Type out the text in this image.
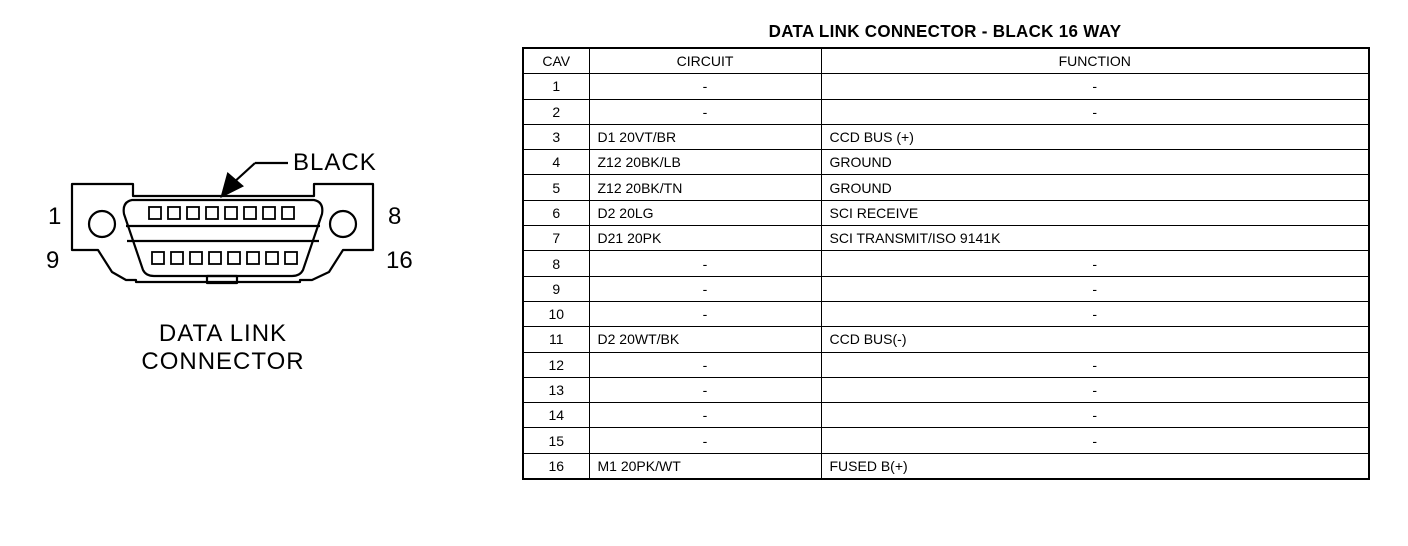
BLACK
1	8
9	16
DATA LINK
CONNECTOR
DATA LINK CONNECTOR - BLACK 16 WAY
CAV	CIRCUIT	FUNCTION
1	-	-
2	-	-
3	D1 20VT/BR	CCD BUS (+)
4	Z12 20BK/LB	GROUND
5	Z12 20BK/TN	GROUND
6	D2 20LG	SCI RECEIVE
7	D21 20PK	SCI TRANSMIT/ISO 9141K
8	-	-
9	-	-
10	-	-
11	D2 20WT/BK	CCD BUS(-)
12	-	-
13	-	-
14	-	-
15	-	-
16	M1 20PK/WT	FUSED B(+)
